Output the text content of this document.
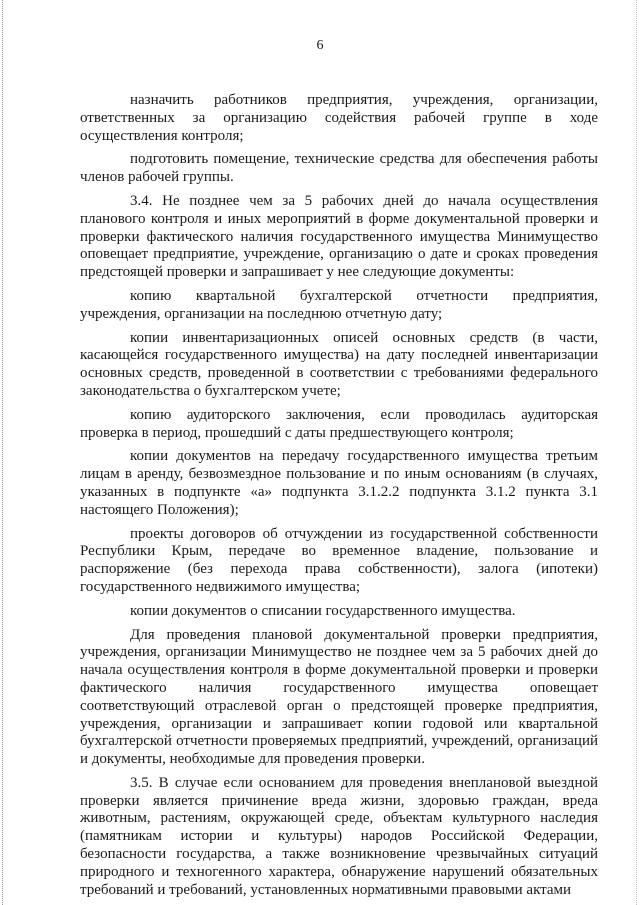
6

назначить работников предприятия, учреждения, организации, ответственных за организацию содействия рабочей группе в ходе осуществления контроля;

подготовить помещение, технические средства для обеспечения работы членов рабочей группы.

3.4. Не позднее чем за 5 рабочих дней до начала осуществления планового контроля и иных мероприятий в форме документальной проверки и проверки фактического наличия государственного имущества Минимущество оповещает предприятие, учреждение, организацию о дате и сроках проведения предстоящей проверки и запрашивает у нее следующие документы:

копию квартальной бухгалтерской отчетности предприятия, учреждения, организации на последнюю отчетную дату;

копии инвентаризационных описей основных средств (в части, касающейся государственного имущества) на дату последней инвентаризации основных средств, проведенной в соответствии с требованиями федерального законодательства о бухгалтерском учете;

копию аудиторского заключения, если проводилась аудиторская проверка в период, прошедший с даты предшествующего контроля;

копии документов на передачу государственного имущества третьим лицам в аренду, безвозмездное пользование и по иным основаниям (в случаях, указанных в подпункте «а» подпункта 3.1.2.2 подпункта 3.1.2 пункта 3.1 настоящего Положения);

проекты договоров об отчуждении из государственной собственности Республики Крым, передаче во временное владение, пользование и распоряжение (без перехода права собственности), залога (ипотеки) государственного недвижимого имущества;

копии документов о списании государственного имущества.

Для проведения плановой документальной проверки предприятия, учреждения, организации Минимущество не позднее чем за 5 рабочих дней до начала осуществления контроля в форме документальной проверки и проверки фактического наличия государственного имущества оповещает соответствующий отраслевой орган о предстоящей проверке предприятия, учреждения, организации и запрашивает копии годовой или квартальной бухгалтерской отчетности проверяемых предприятий, учреждений, организаций и документы, необходимые для проведения проверки.

3.5. В случае если основанием для проведения внеплановой выездной проверки является причинение вреда жизни, здоровью граждан, вреда животным, растениям, окружающей среде, объектам культурного наследия (памятникам истории и культуры) народов Российской Федерации, безопасности государства, а также возникновение чрезвычайных ситуаций природного и техногенного характера, обнаружение нарушений обязательных требований и требований, установленных нормативными правовыми актами
